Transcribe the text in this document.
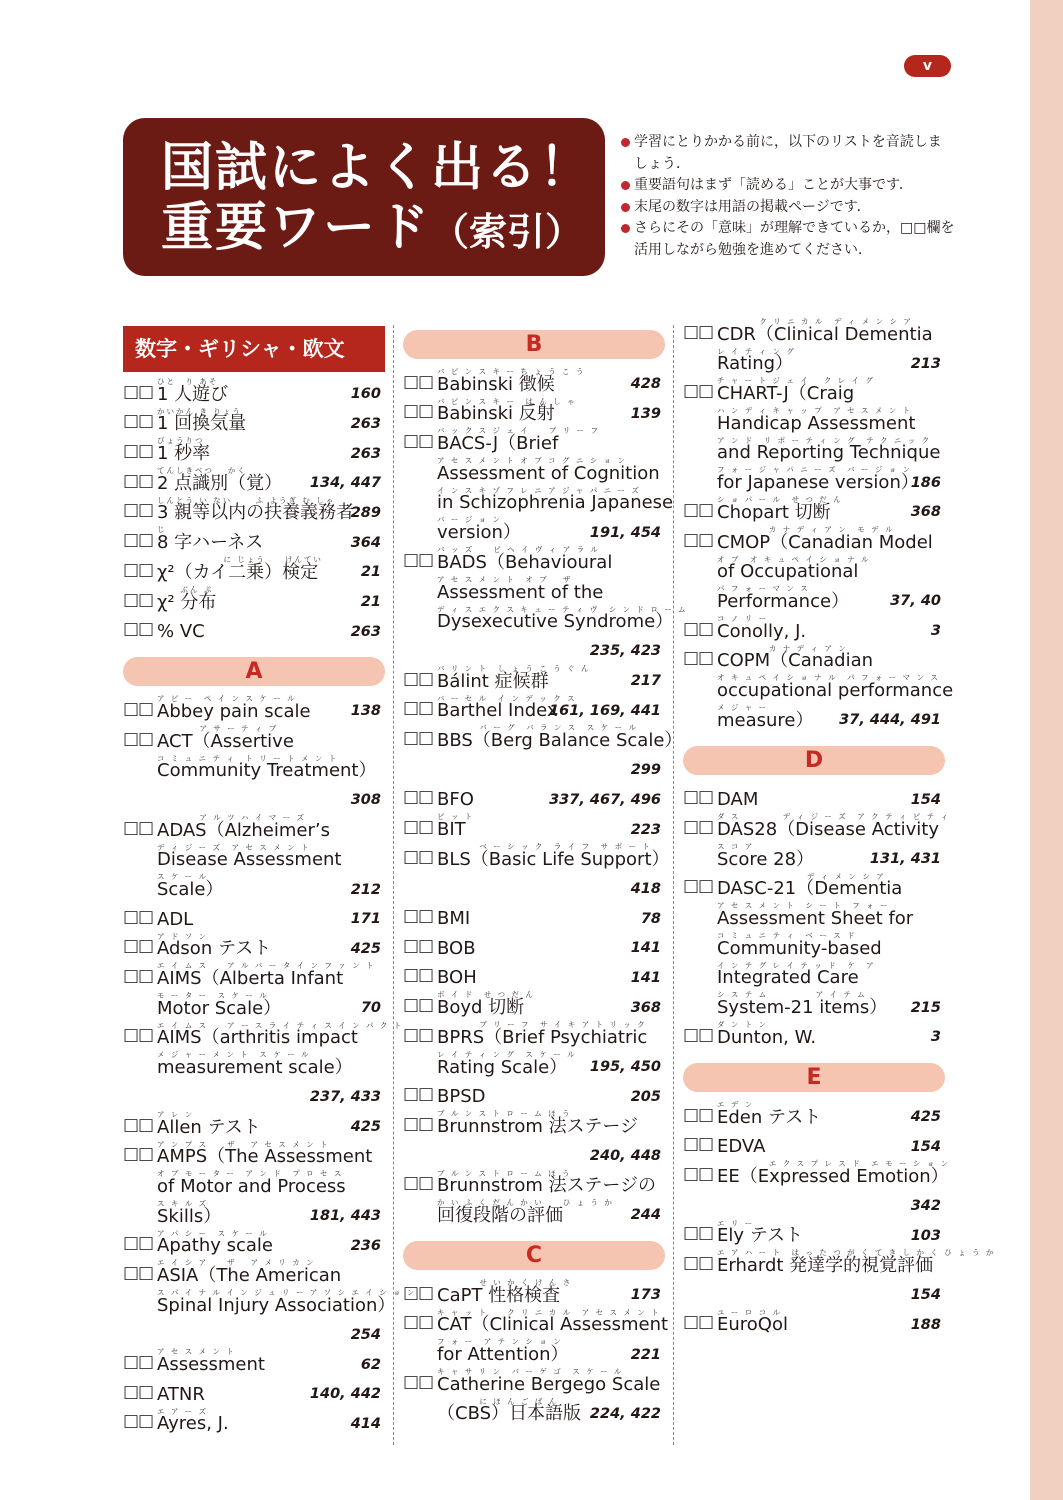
v
国試によく出る！
重要ワード（索引）
学習にとりかかる前に，以下のリストを音読しましょう．
重要語句はまず「読める」ことが大事です．
末尾の数字は用語の掲載ページです．
さらにその「意味」が理解できているか，□□欄を活用しながら勉強を進めてください．
数字・ギリシャ・欧文
□□
ひと　り あそ
1 人遊び	160
□□
かいかん き りょう
1 回換気量	263
□□
びょうりつ
1 秒率	263
□□
てんしきべつ　 かく
2 点識別（覚） 134, 447
□□
しんとう い ない　　 ふ ようぎ む しゃ
3 親等以内の扶養義務者
289
□□
じ
8 字ハーネス	364
□□
　　　　　　　に じょう　　けんてい
χ²（カイ二乗）検定	21
□□
　　 ぶん ぷ
χ² 分布	21
□□ % VC	263
A
□□
ア ビ ー　ペ イ ン ス ケ ー ル
Abbey pain scale	138
□□
　　　　 ア サ ー テ ィ ブ
ACT（Assertive
コ ミ ュ ニ テ ィ　ト リ ー ト メ ン ト
Community Treatment）
308
□□
　　　　 ア ル ツ ハ イ マ ー ズ
ADAS（Alzheimer’s
デ ィ ジ ー ズ　ア セ ス メ ン ト
Disease Assessment
ス ケ ー ル
Scale）	212
□□ ADL	171
□□
ア ド ソ ン
Adson テスト	425
□□
エ イ ム ス　　ア ル バ ー タ イ ン フ ァ ン ト
AIMS（Alberta Infant
モ ー タ ー　ス ケ ー ル
Motor Scale）	70
□□
エ イ ム ス　　ア ー ス ラ イ テ ィ ス イ ン パ ク ト
AIMS（arthritis impact
メ ジ ャ ー メ ン ト　ス ケ ー ル
measurement scale）
237, 433
□□
ア レ ン
Allen テスト	425
□□
ア ン プ ス　　ザ　 ア セ ス メ ン ト
AMPS（The Assessment
オ ブ モ ー タ ー　ア ン ド　プ ロ セ ス
of Motor and Process
ス キ ル ズ
Skills）	181, 443
□□
ア パ シ ー　ス ケ ー ル
Apathy scale	236
□□
エ イ シ ア　　ザ　 ア メ リ カ ン
ASIA（The American
ス パ イ ナ ル イ ン ジ ュ リ ー ア ソ シ エ イ シ ョ ン
Spinal Injury Association）
254
□□
ア セ ス メ ン ト
Assessment	62
□□ ATNR	140, 442
□□
エ ア ー ズ
Ayres, J.	414
B
□□
バ ビ ン ス キ ー ち ょ う こ う
Babinski 徴候	428
□□
バ ビ ン ス キ ー　は ん し ゃ
Babinski 反射	139
□□
バ ッ ク ス ジ ェ イ　　ブ リ ー フ
BACS-J（Brief
ア セ ス メ ン ト オ ブ コ グ ニ シ ョ ン
Assessment of Cognition
イ ン ス キ ゾ フ レ ニ ア ジ ャ パ ニ ー ズ
in Schizophrenia Japanese
バ ー ジ ョ ン
version）	191, 454
□□
バ ッ ズ　　ビ ヘ イ ヴ ィ ア ラ ル
BADS（Behavioural
ア セ ス メ ン ト　オ ブ　 ザ
Assessment of the
デ ィ ス エ ク ス キ ュ ー テ ィ ヴ　シ ン ド ロ ー ム
Dysexecutive Syndrome）
235, 423
□□
バ リ ン ト　し ょ う こ う ぐ ん
Bálint 症候群	217
□□
バ ー セ ル　イ ン デ ッ ク ス
Barthel Index
161, 169, 441
□□
　　　　 バ ー グ　バ ラ ン ス　ス ケ ー ル
BBS（Berg Balance Scale）
299
□□ BFO	337, 467, 496
□□
ビ ッ ト
BIT	223
□□
　　　　 ベ ー シ ッ ク　ラ イ フ　サ ポ ー ト
BLS（Basic Life Support）
418
□□ BMI	78
□□ BOB	141
□□ BOH	141
□□
ボ イ ド　せ つ だ ん
Boyd 切断	368
□□
　　　　 ブ リ ー フ　サ イ キ ア ト リ ッ ク
BPRS（Brief Psychiatric
レ イ テ ィ ン グ　ス ケ ー ル
Rating Scale） 195, 450
□□ BPSD	205
□□
ブ ル ン ス ト ロ ー ム ほ う
Brunnstrom 法ステージ
240, 448
□□
ブ ル ン ス ト ロ ー ム ほ う
Brunnstrom 法ステージの
か い ふ く だ ん か い　　ひ ょ う か
回復段階の評価	244
C
□□
　　　　 せ い か く け ん さ
CaPT 性格検査	173
□□
キ ャ ッ ト　　ク リ ニ カ ル　ア セ ス メ ン ト
CAT（Clinical Assessment
フ ォ ー　ア テ ン シ ョ ン
for Attention）	221
□□
キ ャ サ リ ン　バ ー ゲ ゴ　ス ケ ー ル
Catherine Bergego Scale
　　　　 に ほ ん ご ば ん
（CBS）日本語版 224, 422
□□
　　　　 ク リ ニ カ ル　デ ィ メ ン シ ア
CDR（Clinical Dementia
レ イ テ ィ ン グ
Rating）	213
□□
チ ャ ー ト ジ ェ イ　 ク レ イ グ
CHART-J（Craig
ハ ン デ ィ キ ャ ッ プ　ア セ ス メ ン ト
Handicap Assessment
ア ン ド　リ ポ ー テ ィ ン グ　テ ク ニ ッ ク
and Reporting Technique
フ ォ ー ジ ャ パ ニ ー ズ　バ ー ジ ョ ン
for Japanese version）
186
□□
シ ョ パ ー ル　せ つ だ ん
Chopart 切断	368
□□
　　　　　 カ ナ デ ィ ア ン　モ デ ル
CMOP（Canadian Model
オ ブ　オ キ ュ ペ イ シ ョ ナ ル
of Occupational
パ フ ォ ー マ ン ス
Performance）	37, 40
□□
コ ノ リ ー
Conolly, J.	3
□□
　　　　　 カ ナ デ ィ ア ン
COPM（Canadian
オ キ ュ ペ イ シ ョ ナ ル　パ フ ォ ー マ ン ス
occupational performance
メ ジ ャ ー
measure） 37, 444, 491
D
□□ DAM	154
□□
ダ ス　　　　 デ ィ ジ ー ズ　ア ク テ ィ ビ テ ィ
DAS28（Disease Activity
ス コ ア
Score 28）	131, 431
□□
　　　　　　　　　 デ ィ メ ン シ ア
DASC-21（Dementia
ア セ ス メ ン ト　シ ー ト　フ ォ ー
Assessment Sheet for
コ ミ ュ ニ テ ィ　ベ ー ス ド
Community-based
イ ン テ グ レ イ テ ッ ド　ケ　ア
Integrated Care
シ ス テ ム　　　　　ア イ テ ム
System-21 items） 215
□□
ダ ン ト ン
Dunton, W.	3
E
□□
エ デ ン
Eden テスト	425
□□ EDVA	154
□□
　　　　　 エ ク ス プ レ ス ド　エ モ ー シ ョ ン
EE（Expressed Emotion）
342
□□
エ リ ー
Ely テスト	103
□□
エ ア ハ ー ト　は っ た つ が く て き し か く ひ ょ う か
Erhardt 発達学的視覚評価
154
□□
ユ ー ロ コ ル
EuroQol	188
